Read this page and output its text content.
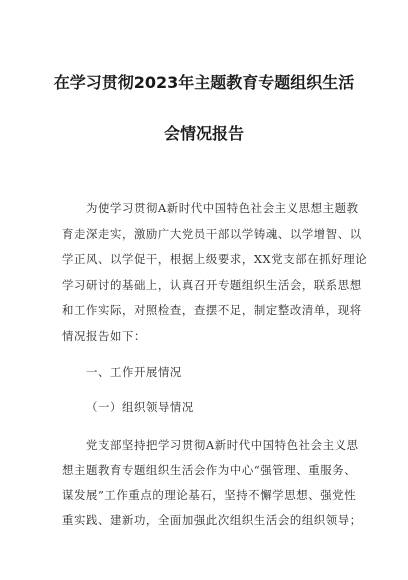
在学习贯彻2023年主题教育专题组织生活
会情况报告
为使学习贯彻A新时代中国特色社会主义思想主题教
育走深走实，激励广大党员干部以学铸魂、以学增智、以
学正风、以学促干，根据上级要求，XX党支部在抓好理论
学习研讨的基础上，认真召开专题组织生活会，联系思想
和工作实际，对照检查，查摆不足，制定整改清单，现将
情况报告如下：
一、工作开展情况
（一）组织领导情况
党支部坚持把学习贯彻A新时代中国特色社会主义思
想主题教育专题组织生活会作为中心“强管理、重服务、
谋发展”工作重点的理论基石，坚持不懈学思想、强党性
重实践、建新功，全面加强此次组织生活会的组织领导；
